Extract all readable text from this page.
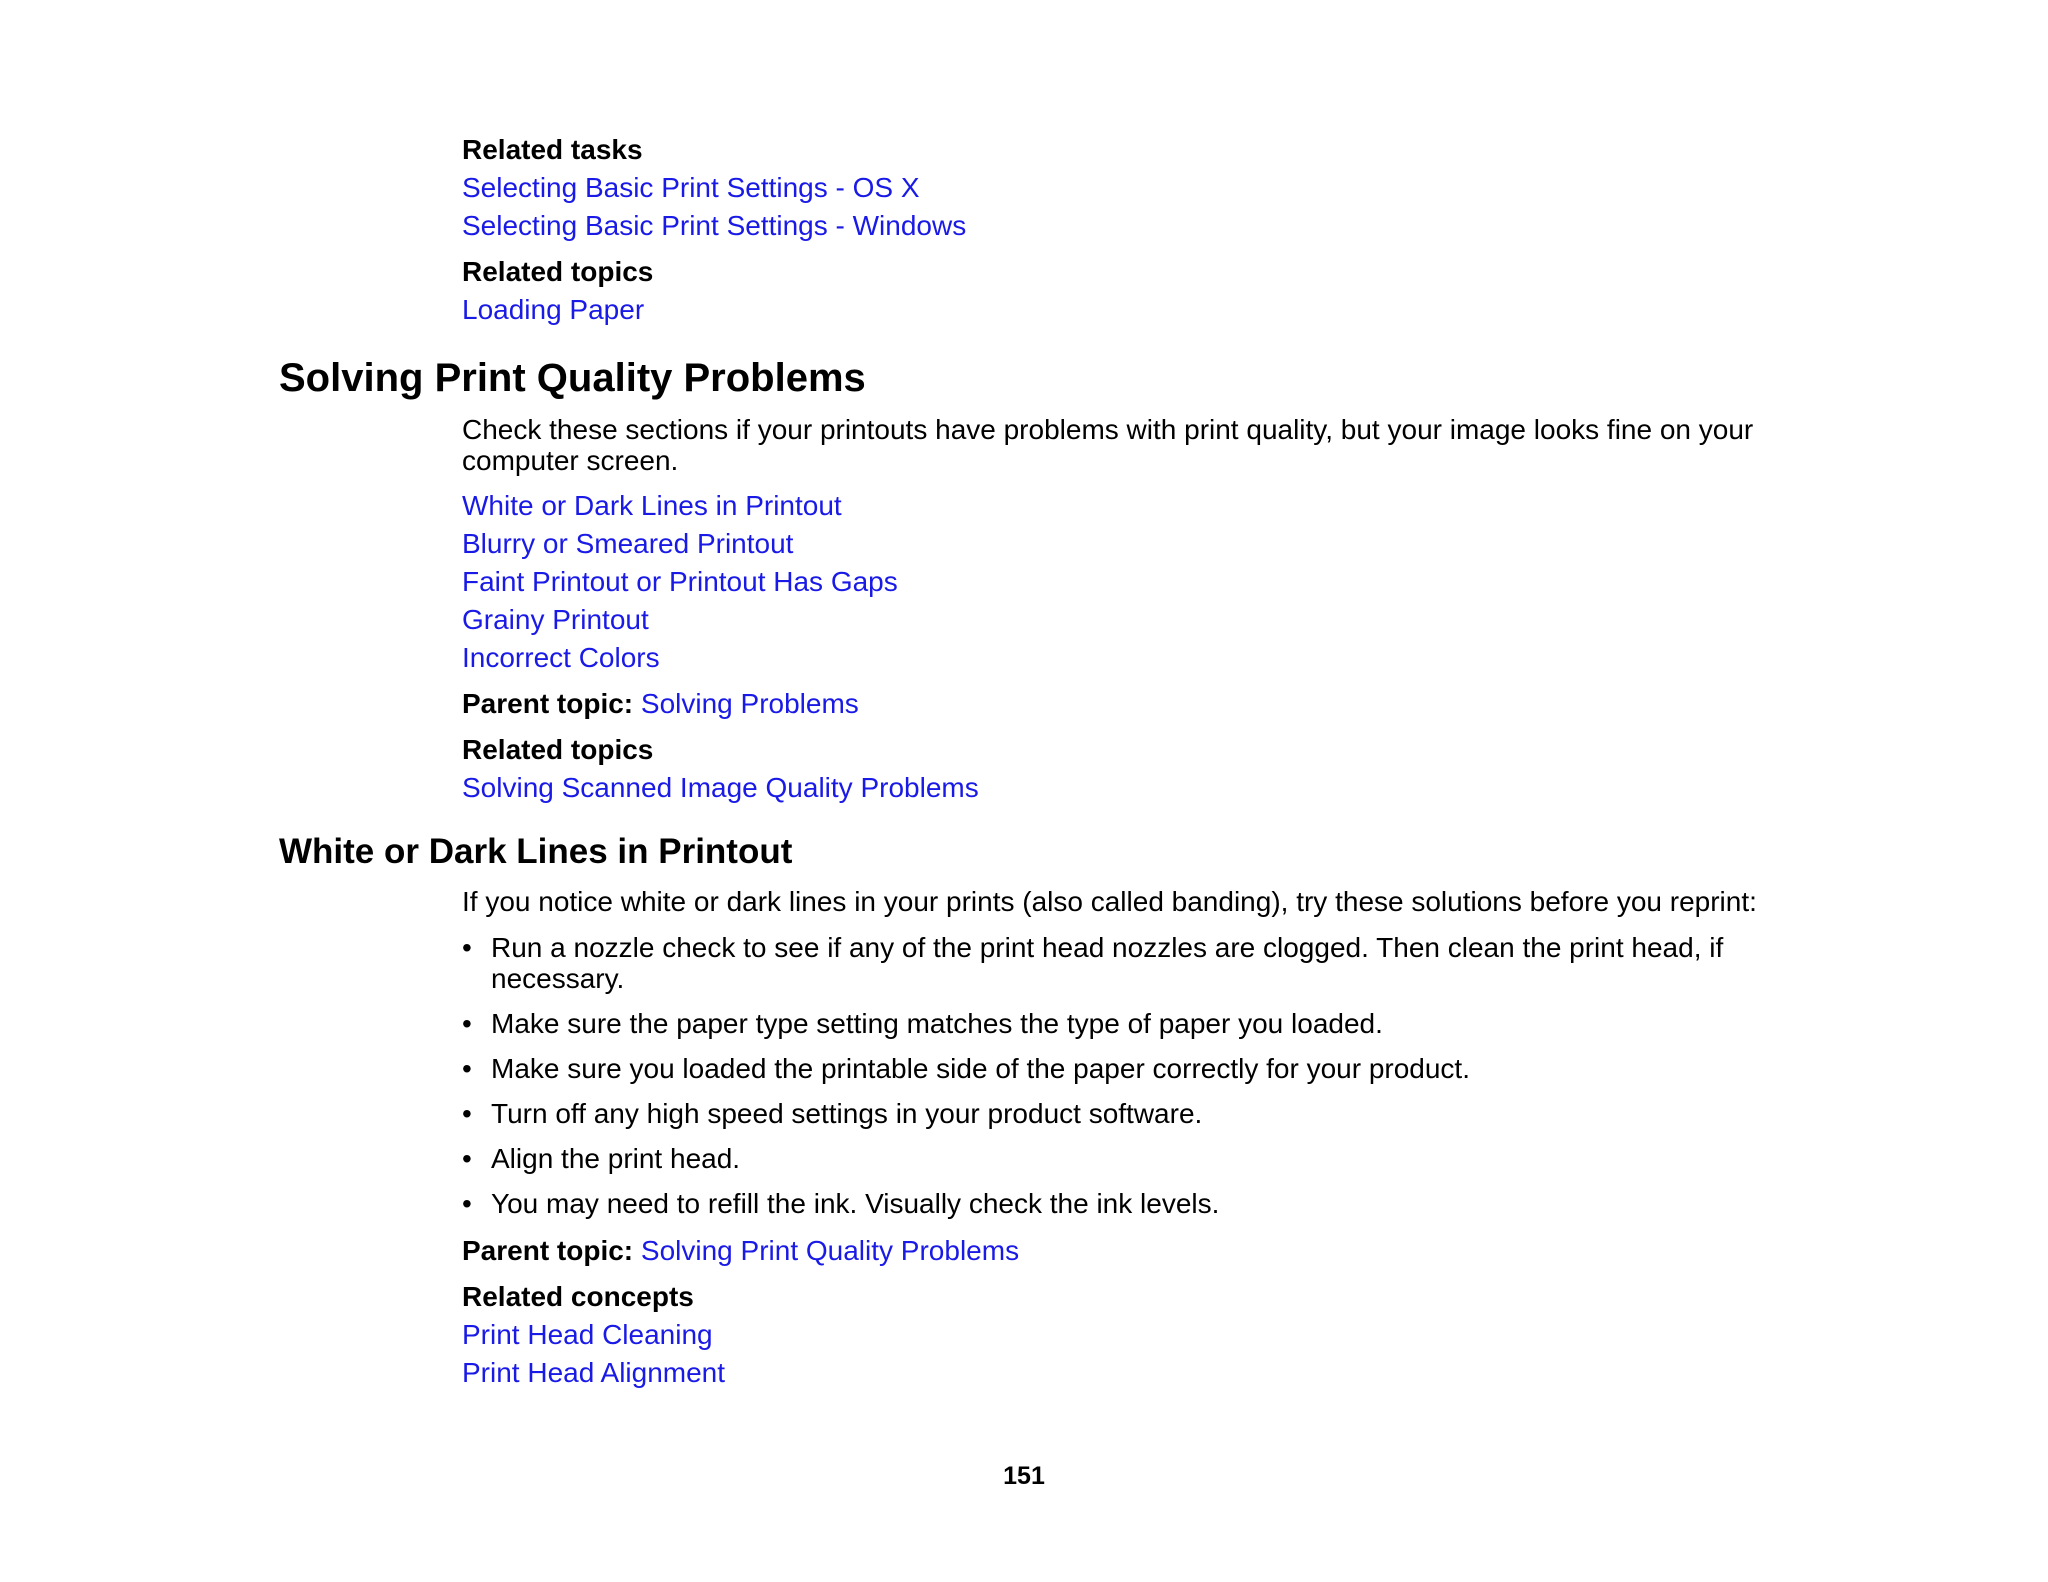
Related tasks
Selecting Basic Print Settings - OS X
Selecting Basic Print Settings - Windows
Related topics
Loading Paper
Solving Print Quality Problems

Check these sections if your printouts have problems with print quality, but your image looks fine on your computer screen.

White or Dark Lines in Printout
Blurry or Smeared Printout
Faint Printout or Printout Has Gaps
Grainy Printout
Incorrect Colors
Parent topic: Solving Problems
Related topics
Solving Scanned Image Quality Problems
White or Dark Lines in Printout

If you notice white or dark lines in your prints (also called banding), try these solutions before you reprint:

• Run a nozzle check to see if any of the print head nozzles are clogged. Then clean the print head, if necessary.
• Make sure the paper type setting matches the type of paper you loaded.
• Make sure you loaded the printable side of the paper correctly for your product.
• Turn off any high speed settings in your product software.
• Align the print head.
• You may need to refill the ink. Visually check the ink levels.
Parent topic: Solving Print Quality Problems
Related concepts
Print Head Cleaning
Print Head Alignment
151
